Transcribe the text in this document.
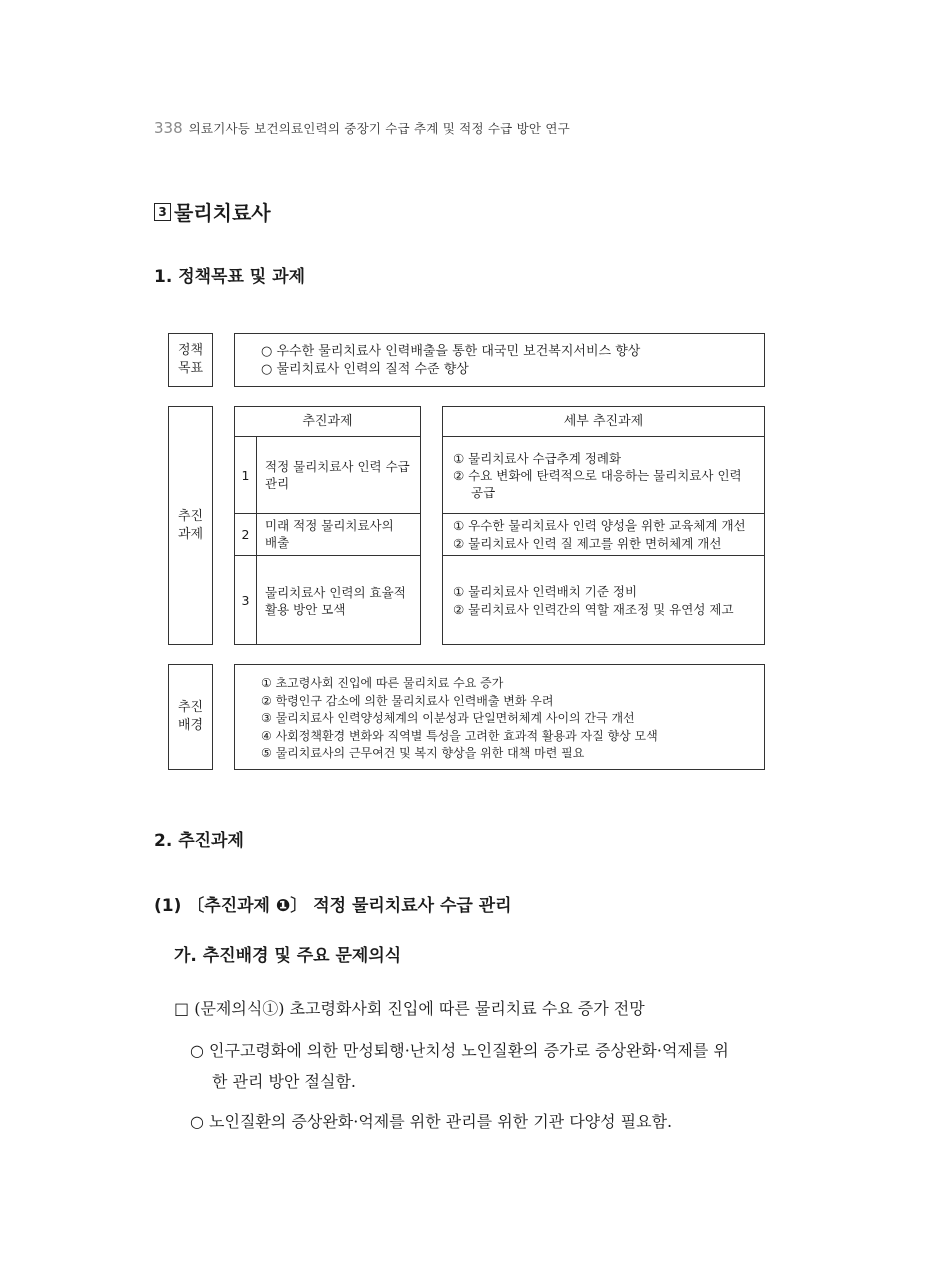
338 의료기사등 보건의료인력의 중장기 수급 추계 및 적정 수급 방안 연구
3 물리치료사
1. 정책목표 및 과제
정책
목표
○ 우수한 물리치료사 인력배출을 통한 대국민 보건복지서비스 향상
○ 물리치료사 인력의 질적 수준 향상
추진
과제
추진과제
1
적정 물리치료사 인력 수급 관리
2
미래 적정 물리치료사의 배출
3
물리치료사 인력의 효율적 활용 방안 모색
세부 추진과제
① 물리치료사 수급추계 정례화
② 수요 변화에 탄력적으로 대응하는 물리치료사 인력
공급
① 우수한 물리치료사 인력 양성을 위한 교육체계 개선
② 물리치료사 인력 질 제고를 위한 면허체계 개선
① 물리치료사 인력배치 기준 정비
② 물리치료사 인력간의 역할 재조정 및 유연성 제고
추진
배경
① 초고령사회 진입에 따른 물리치료 수요 증가
② 학령인구 감소에 의한 물리치료사 인력배출 변화 우려
③ 물리치료사 인력양성체계의 이분성과 단일면허체계 사이의 간극 개선
④ 사회정책환경 변화와 직역별 특성을 고려한 효과적 활용과 자질 향상 모색
⑤ 물리치료사의 근무여건 및 복지 향상을 위한 대책 마련 필요
2. 추진과제
(1) 〔추진과제 ❶〕 적정 물리치료사 수급 관리
가. 추진배경 및 주요 문제의식
□ (문제의식①) 초고령화사회 진입에 따른 물리치료 수요 증가 전망
○ 인구고령화에 의한 만성퇴행·난치성 노인질환의 증가로 증상완화·억제를 위
한 관리 방안 절실함.
○ 노인질환의 증상완화·억제를 위한 관리를 위한 기관 다양성 필요함.
